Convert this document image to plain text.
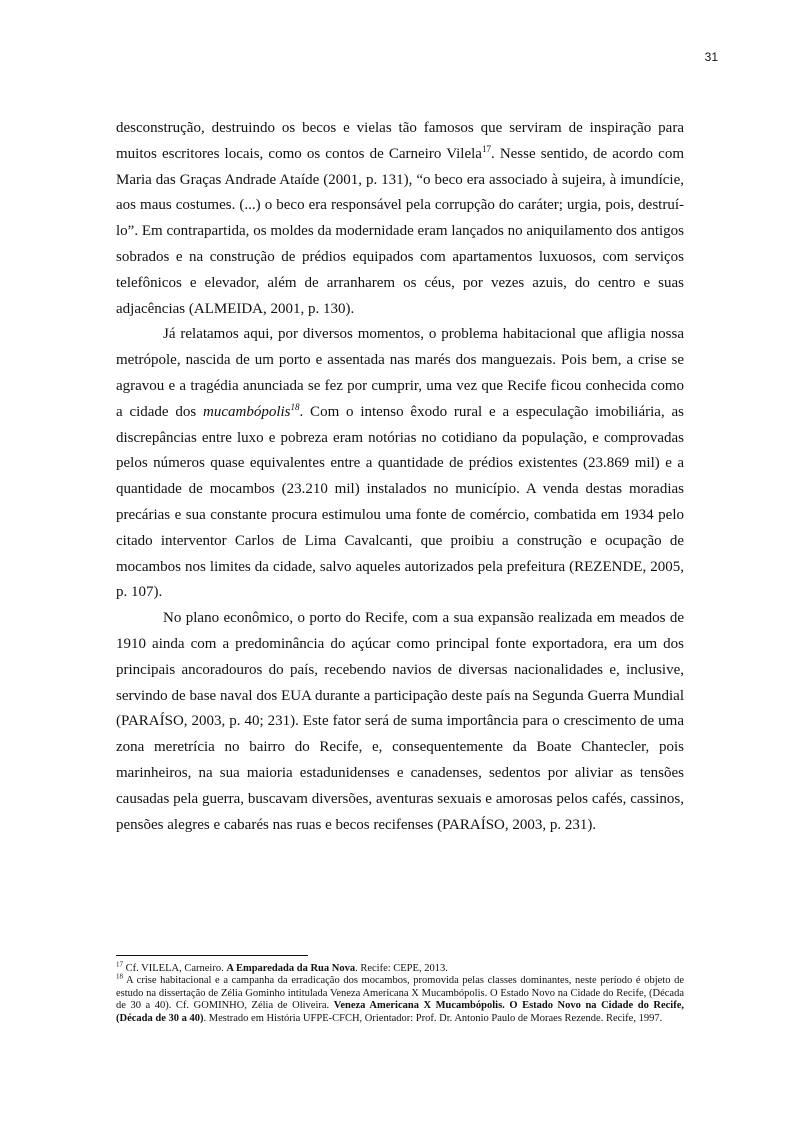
31

desconstrução, destruindo os becos e vielas tão famosos que serviram de inspiração para muitos escritores locais, como os contos de Carneiro Vilela$^{17}$. Nesse sentido, de acordo com Maria das Graças Andrade Ataíde (2001, p. 131), “o beco era associado à sujeira, à imundície, aos maus costumes. (...) o beco era responsável pela corrupção do caráter; urgia, pois, destruí-lo”. Em contrapartida, os moldes da modernidade eram lançados no aniquilamento dos antigos sobrados e na construção de prédios equipados com apartamentos luxuosos, com serviços telefônicos e elevador, além de arranharem os céus, por vezes azuis, do centro e suas adjacências (ALMEIDA, 2001, p. 130).

Já relatamos aqui, por diversos momentos, o problema habitacional que afligia nossa metrópole, nascida de um porto e assentada nas marés dos manguezais. Pois bem, a crise se agravou e a tragédia anunciada se fez por cumprir, uma vez que Recife ficou conhecida como a cidade dos mucambópolis$^{18}$. Com o intenso êxodo rural e a especulação imobiliária, as discrepâncias entre luxo e pobreza eram notórias no cotidiano da população, e comprovadas pelos números quase equivalentes entre a quantidade de prédios existentes (23.869 mil) e a quantidade de mocambos (23.210 mil) instalados no município. A venda destas moradias precárias e sua constante procura estimulou uma fonte de comércio, combatida em 1934 pelo citado interventor Carlos de Lima Cavalcanti, que proibiu a construção e ocupação de mocambos nos limites da cidade, salvo aqueles autorizados pela prefeitura (REZENDE, 2005, p. 107).

No plano econômico, o porto do Recife, com a sua expansão realizada em meados de 1910 ainda com a predominância do açúcar como principal fonte exportadora, era um dos principais ancoradouros do país, recebendo navios de diversas nacionalidades e, inclusive, servindo de base naval dos EUA durante a participação deste país na Segunda Guerra Mundial (PARAÍSO, 2003, p. 40; 231). Este fator será de suma importância para o crescimento de uma zona meretrícia no bairro do Recife, e, consequentemente da Boate Chantecler, pois marinheiros, na sua maioria estadunidenses e canadenses, sedentos por aliviar as tensões causadas pela guerra, buscavam diversões, aventuras sexuais e amorosas pelos cafés, cassinos, pensões alegres e cabarés nas ruas e becos recifenses (PARAÍSO, 2003, p. 231).

$^{17}$ Cf. VILELA, Carneiro. A Emparedada da Rua Nova. Recife: CEPE, 2013.

$^{18}$ A crise habitacional e a campanha da erradicação dos mocambos, promovida pelas classes dominantes, neste período é objeto de estudo na dissertação de Zélia Gominho intitulada Veneza Americana X Mucambópolis. O Estado Novo na Cidade do Recife, (Década de 30 a 40). Cf. GOMINHO, Zélia de Oliveira. Veneza Americana X Mucambópolis. O Estado Novo na Cidade do Recife, (Década de 30 a 40). Mestrado em História UFPE-CFCH, Orientador: Prof. Dr. Antonio Paulo de Moraes Rezende. Recife, 1997.
